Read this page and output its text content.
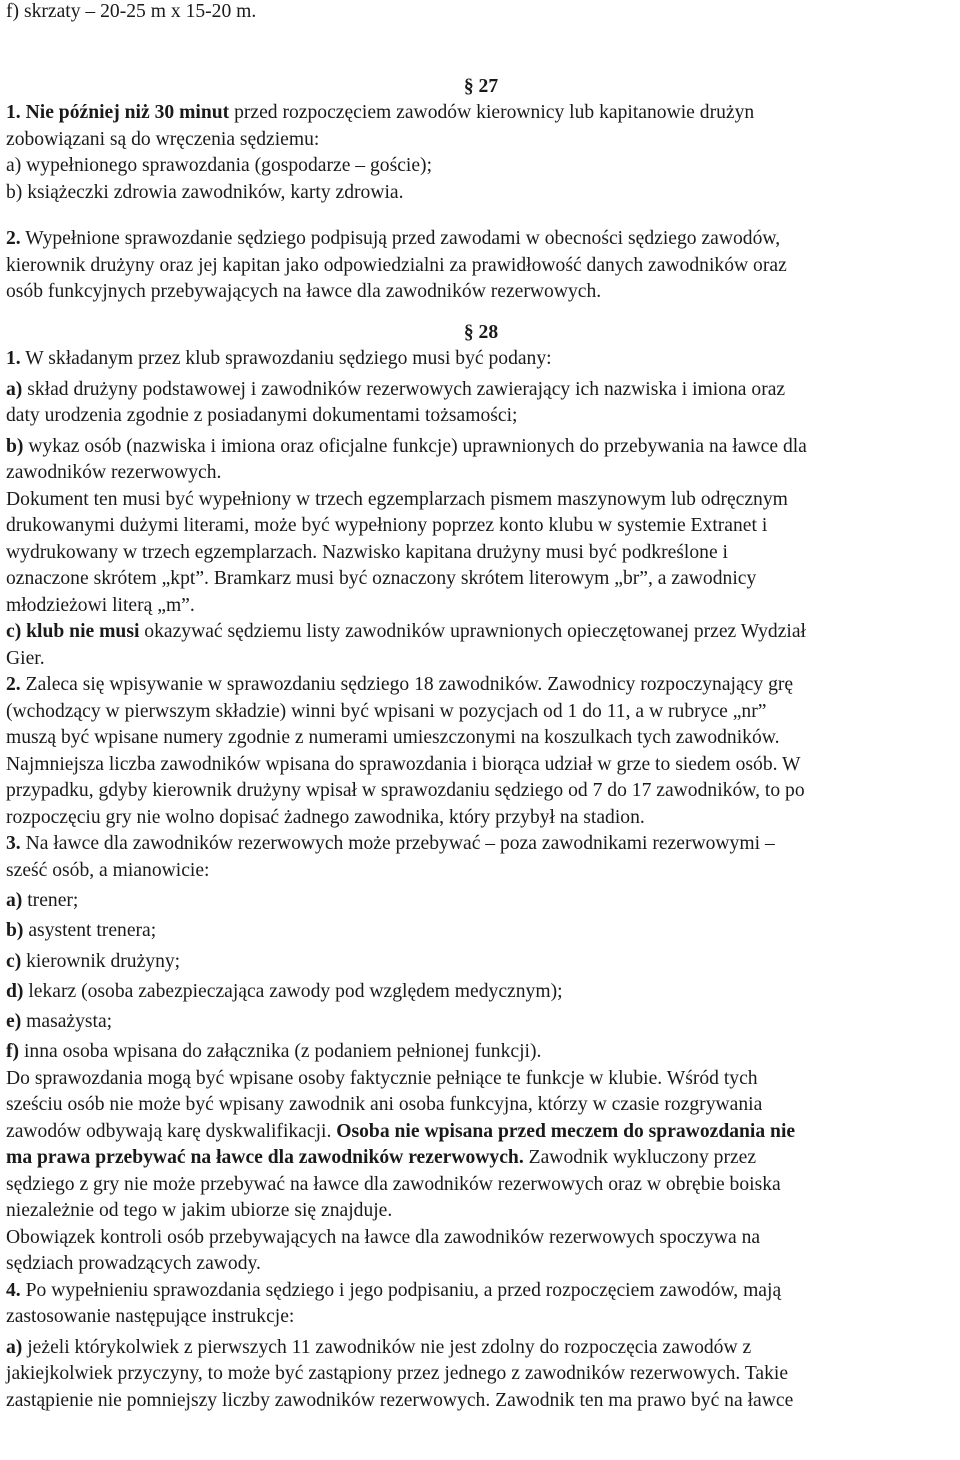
f) skrzaty – 20-25 m x 15-20 m.
§ 27
1. Nie później niż 30 minut przed rozpoczęciem zawodów kierownicy lub kapitanowie drużyn
zobowiązani są do wręczenia sędziemu:
a) wypełnionego sprawozdania (gospodarze – goście);
b) książeczki zdrowia zawodników, karty zdrowia.
2. Wypełnione sprawozdanie sędziego podpisują przed zawodami w obecności sędziego zawodów,
kierownik drużyny oraz jej kapitan jako odpowiedzialni za prawidłowość danych zawodników oraz
osób funkcyjnych przebywających na ławce dla zawodników rezerwowych.
§ 28
1. W składanym przez klub sprawozdaniu sędziego musi być podany:
a) skład drużyny podstawowej i zawodników rezerwowych zawierający ich nazwiska i imiona oraz
daty urodzenia zgodnie z posiadanymi dokumentami tożsamości;
b) wykaz osób (nazwiska i imiona oraz oficjalne funkcje) uprawnionych do przebywania na ławce dla
zawodników rezerwowych.
Dokument ten musi być wypełniony w trzech egzemplarzach pismem maszynowym lub odręcznym
drukowanymi dużymi literami, może być wypełniony poprzez konto klubu w systemie Extranet i
wydrukowany w trzech egzemplarzach. Nazwisko kapitana drużyny musi być podkreślone i
oznaczone skrótem „kpt”. Bramkarz musi być oznaczony skrótem literowym „br”, a zawodnicy
młodzieżowi literą „m”.
c) klub nie musi okazywać sędziemu listy zawodników uprawnionych opieczętowanej przez Wydział
Gier.
2. Zaleca się wpisywanie w sprawozdaniu sędziego 18 zawodników. Zawodnicy rozpoczynający grę
(wchodzący w pierwszym składzie) winni być wpisani w pozycjach od 1 do 11, a w rubryce „nr”
muszą być wpisane numery zgodnie z numerami umieszczonymi na koszulkach tych zawodników.
Najmniejsza liczba zawodników wpisana do sprawozdania i biorąca udział w grze to siedem osób. W
przypadku, gdyby kierownik drużyny wpisał w sprawozdaniu sędziego od 7 do 17 zawodników, to po
rozpoczęciu gry nie wolno dopisać żadnego zawodnika, który przybył na stadion.
3. Na ławce dla zawodników rezerwowych może przebywać – poza zawodnikami rezerwowymi –
sześć osób, a mianowicie:
a) trener;
b) asystent trenera;
c) kierownik drużyny;
d) lekarz (osoba zabezpieczająca zawody pod względem medycznym);
e) masażysta;
f) inna osoba wpisana do załącznika (z podaniem pełnionej funkcji).
Do sprawozdania mogą być wpisane osoby faktycznie pełniące te funkcje w klubie. Wśród tych
sześciu osób nie może być wpisany zawodnik ani osoba funkcyjna, którzy w czasie rozgrywania
zawodów odbywają karę dyskwalifikacji. Osoba nie wpisana przed meczem do sprawozdania nie
ma prawa przebywać na ławce dla zawodników rezerwowych. Zawodnik wykluczony przez
sędziego z gry nie może przebywać na ławce dla zawodników rezerwowych oraz w obrębie boiska
niezależnie od tego w jakim ubiorze się znajduje.
Obowiązek kontroli osób przebywających na ławce dla zawodników rezerwowych spoczywa na
sędziach prowadzących zawody.
4. Po wypełnieniu sprawozdania sędziego i jego podpisaniu, a przed rozpoczęciem zawodów, mają
zastosowanie następujące instrukcje:
a) jeżeli którykolwiek z pierwszych 11 zawodników nie jest zdolny do rozpoczęcia zawodów z
jakiejkolwiek przyczyny, to może być zastąpiony przez jednego z zawodników rezerwowych. Takie
zastąpienie nie pomniejszy liczby zawodników rezerwowych. Zawodnik ten ma prawo być na ławce
